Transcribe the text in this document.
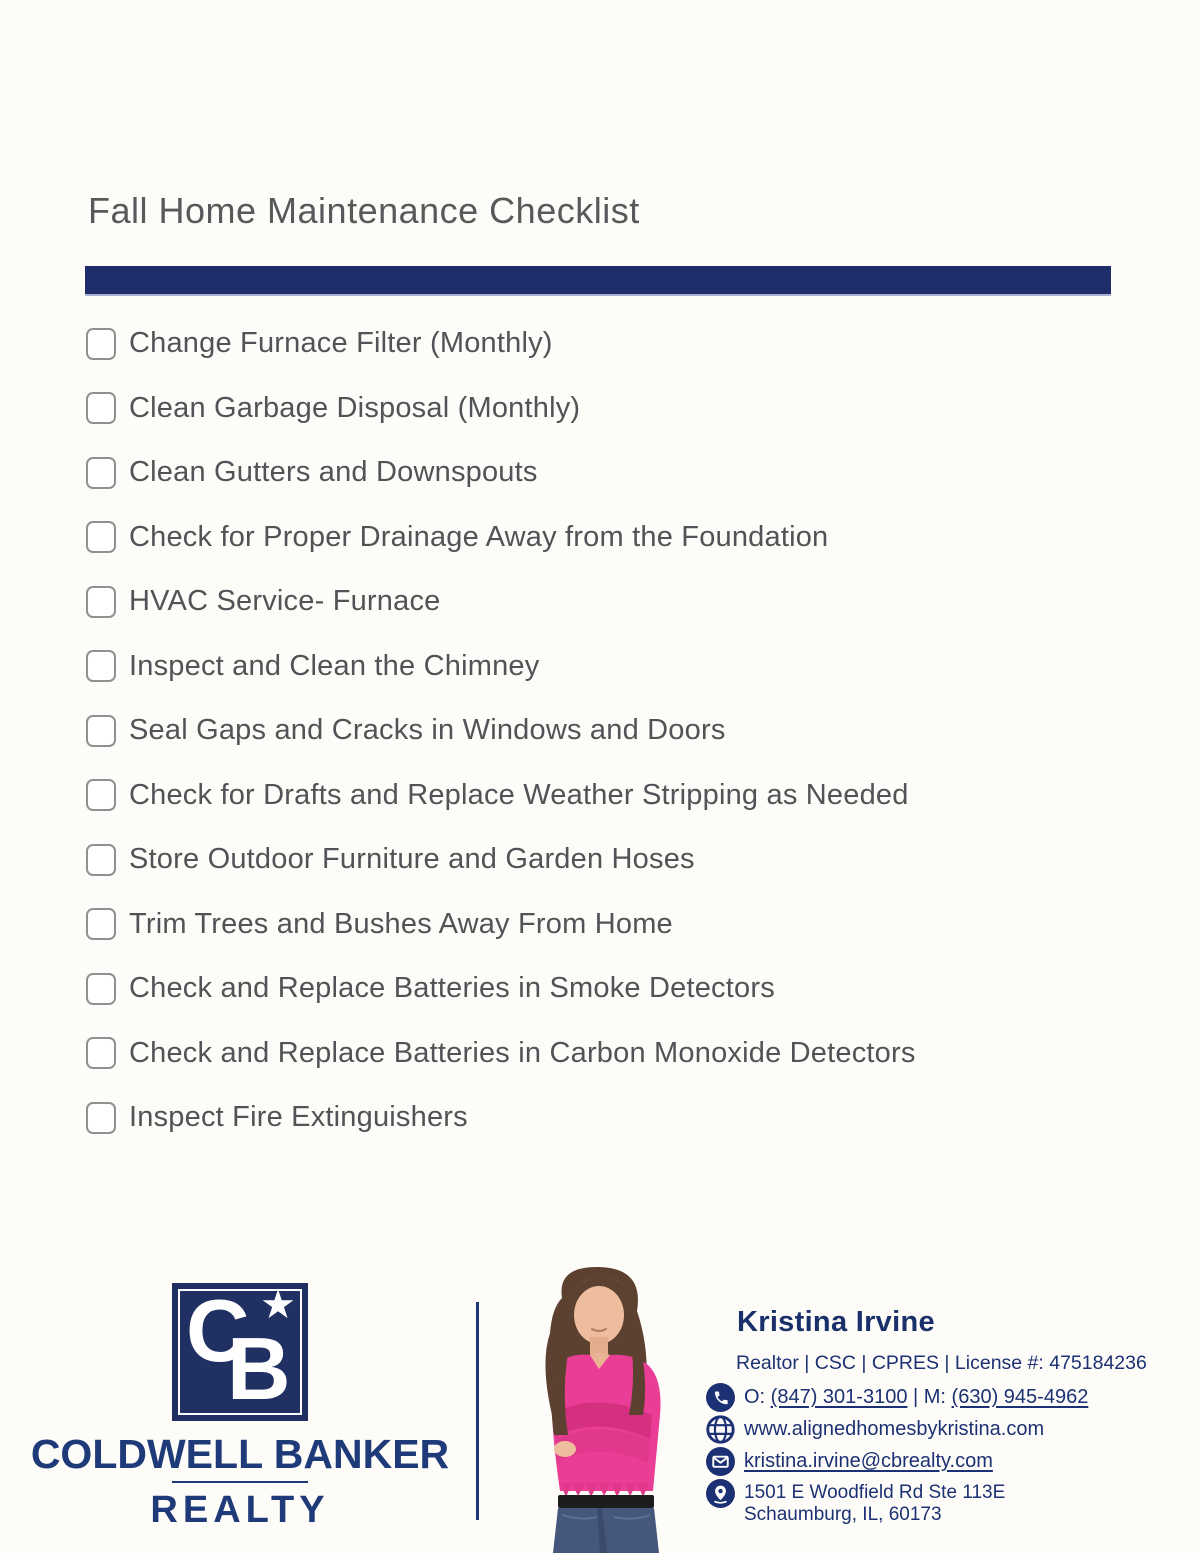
Fall Home Maintenance Checklist
Change Furnace Filter (Monthly)
Clean Garbage Disposal (Monthly)
Clean Gutters and Downspouts
Check for Proper Drainage Away from the Foundation
HVAC Service- Furnace
Inspect and Clean the Chimney
Seal Gaps and Cracks in Windows and Doors
Check for Drafts and Replace Weather Stripping as Needed
Store Outdoor Furniture and Garden Hoses
Trim Trees and Bushes Away From Home
Check and Replace Batteries in Smoke Detectors
Check and Replace Batteries in Carbon Monoxide Detectors
Inspect Fire Extinguishers
C
B
★
COLDWELL BANKER
REALTY
Kristina Irvine
Realtor | CSC | CPRES | License #: 475184236
O: (847) 301-3100 | M: (630) 945-4962
www.alignedhomesbykristina.com
kristina.irvine@cbrealty.com
1501 E Woodfield Rd Ste 113E
Schaumburg, IL, 60173
